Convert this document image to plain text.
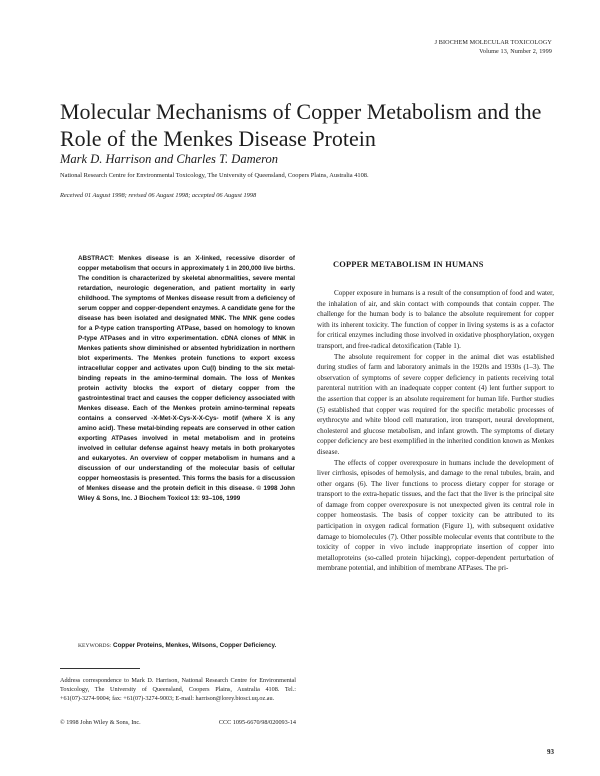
J BIOCHEM MOLECULAR TOXICOLOGY
Volume 13, Number 2, 1999
Molecular Mechanisms of Copper Metabolism and the Role of the Menkes Disease Protein
Mark D. Harrison and Charles T. Dameron
National Research Centre for Environmental Toxicology, The University of Queensland, Coopers Plains, Australia 4108.
Received 01 August 1998; revised 06 August 1998; accepted 06 August 1998

ABSTRACT: Menkes disease is an X-linked, recessive disorder of copper metabolism that occurs in approximately 1 in 200,000 live births. The condition is characterized by skeletal abnormalities, severe mental retardation, neurologic degeneration, and patient mortality in early childhood. The symptoms of Menkes disease result from a deficiency of serum copper and copper-dependent enzymes. A candidate gene for the disease has been isolated and designated MNK. The MNK gene codes for a P-type cation transporting ATPase, based on homology to known P-type ATPases and in vitro experimentation. cDNA clones of MNK in Menkes patients show diminished or absented hybridization in northern blot experiments. The Menkes protein functions to export excess intracellular copper and activates upon Cu(I) binding to the six metal-binding repeats in the amino-terminal domain. The loss of Menkes protein activity blocks the export of dietary copper from the gastrointestinal tract and causes the copper deficiency associated with Menkes disease. Each of the Menkes protein amino-terminal repeats contains a conserved -X-Met-X-Cys-X-X-Cys- motif (where X is any amino acid). These metal-binding repeats are conserved in other cation exporting ATPases involved in metal metabolism and in proteins involved in cellular defense against heavy metals in both prokaryotes and eukaryotes. An overview of copper metabolism in humans and a discussion of our understanding of the molecular basis of cellular copper homeostasis is presented. This forms the basis for a discussion of Menkes disease and the protein deficit in this disease. © 1998 John Wiley & Sons, Inc. J Biochem Toxicol 13: 93–106, 1999

KEYWORDS: Copper Proteins, Menkes, Wilsons, Copper Deficiency.

Address correspondence to Mark D. Harrison, National Research Centre for Environmental Toxicology, The University of Queensland, Coopers Plains, Australia 4108. Tel.: +61(07)-3274-9004; fax: +61(07)-3274-9003; E-mail: harrison@lorey.biosci.uq.oz.au.

© 1998 John Wiley & Sons, Inc.	CCC 1095-6670/98/020093-14
COPPER METABOLISM IN HUMANS

Copper exposure in humans is a result of the consumption of food and water, the inhalation of air, and skin contact with compounds that contain copper. The challenge for the human body is to balance the absolute requirement for copper with its inherent toxicity. The function of copper in living systems is as a cofactor for critical enzymes including those involved in oxidative phosphorylation, oxygen transport, and free-radical detoxification (Table 1).

The absolute requirement for copper in the animal diet was established during studies of farm and laboratory animals in the 1920s and 1930s (1–3). The observation of symptoms of severe copper deficiency in patients receiving total parenteral nutrition with an inadequate copper content (4) lent further support to the assertion that copper is an absolute requirement for human life. Further studies (5) established that copper was required for the specific metabolic processes of erythrocyte and white blood cell maturation, iron transport, neural development, cholesterol and glucose metabolism, and infant growth. The symptoms of dietary copper deficiency are best exemplified in the inherited condition known as Menkes disease.

The effects of copper overexposure in humans include the development of liver cirrhosis, episodes of hemolysis, and damage to the renal tubules, brain, and other organs (6). The liver functions to process dietary copper for storage or transport to the extra-hepatic tissues, and the fact that the liver is the principal site of damage from copper overexposure is not unexpected given its central role in copper homeostasis. The basis of copper toxicity can be attributed to its participation in oxygen radical formation (Figure 1), with subsequent oxidative damage to biomolecules (7). Other possible molecular events that contribute to the toxicity of copper in vivo include inappropriate insertion of copper into metalloproteins (so-called protein hijacking), copper-dependent perturbation of membrane potential, and inhibition of membrane ATPases. The pri-

93
